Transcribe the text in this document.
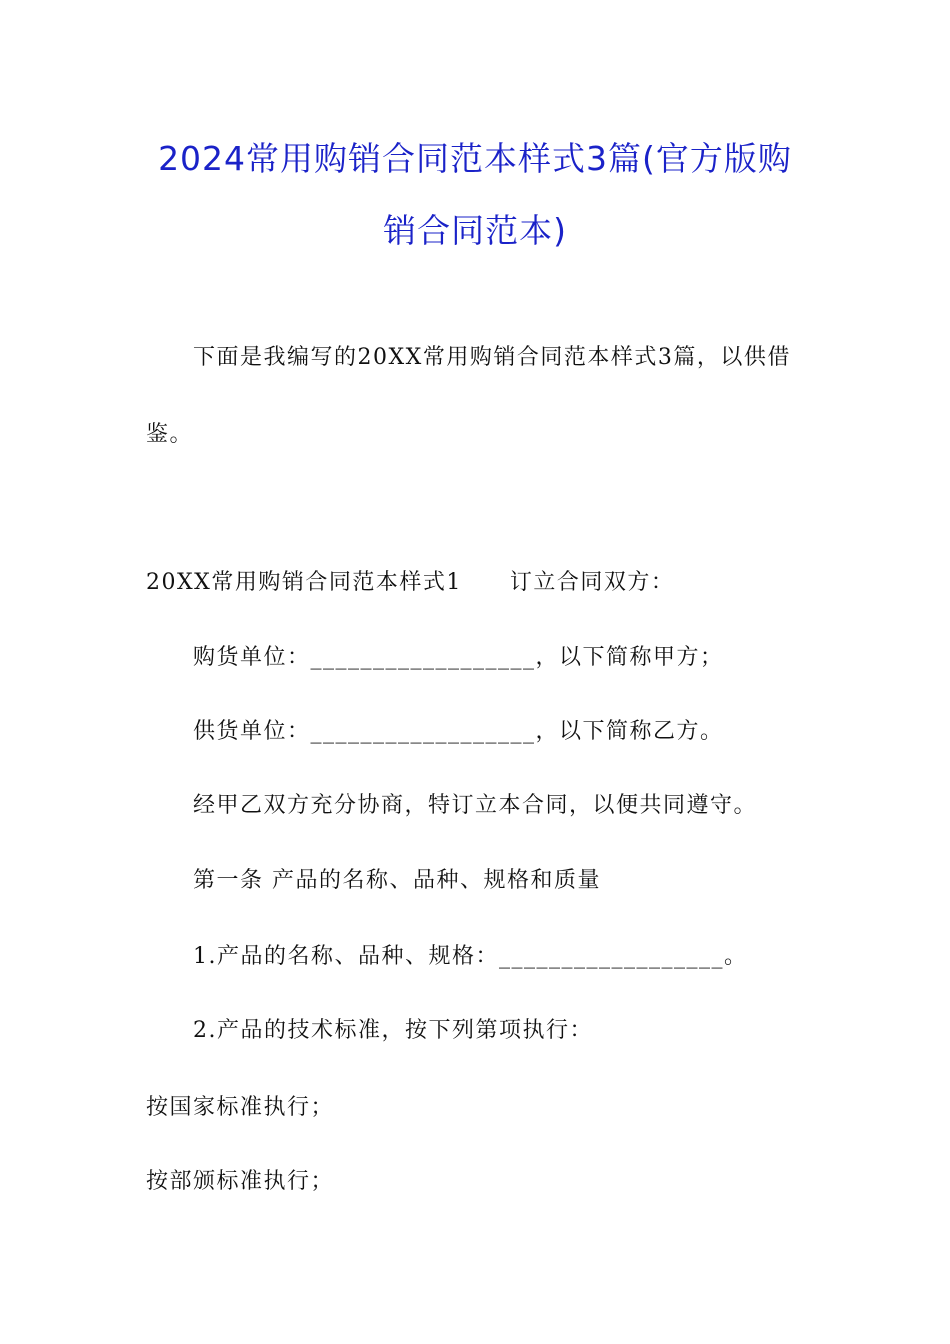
2024常用购销合同范本样式3篇(官方版购
销合同范本)
下面是我编写的20XX常用购销合同范本样式3篇，以供借
鉴。
20XX常用购销合同范本样式1 订立合同双方：
购货单位：__________________，以下简称甲方；
供货单位：__________________，以下简称乙方。
经甲乙双方充分协商，特订立本合同，以便共同遵守。
第一条 产品的名称、品种、规格和质量
1.产品的名称、品种、规格：__________________。
2.产品的技术标准，按下列第项执行：
按国家标准执行；
按部颁标准执行；
